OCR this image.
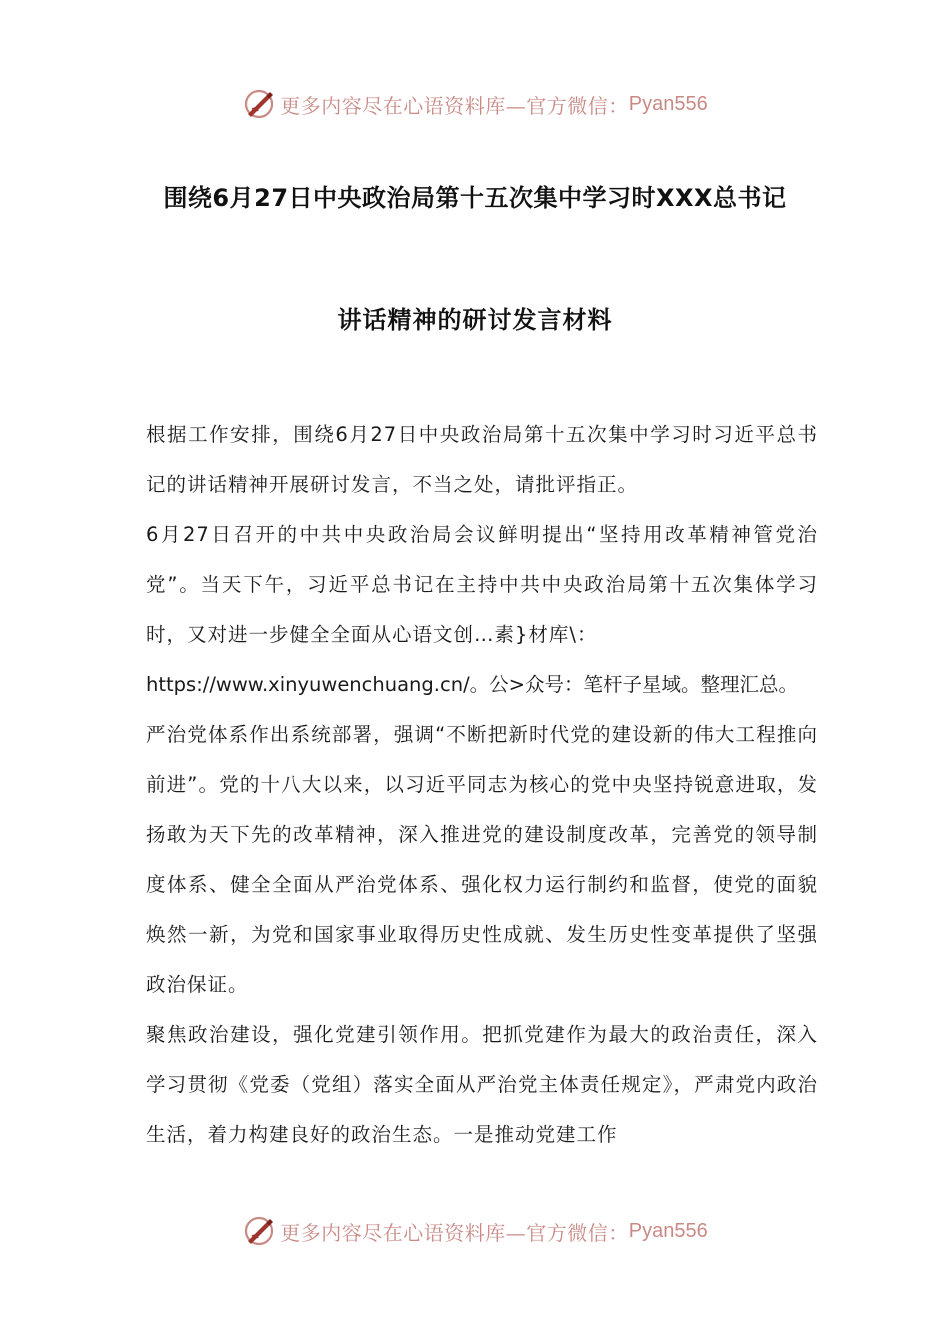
更多内容尽在心语资料库—官方微信： Pyan556
围绕6月27日中央政治局第十五次集中学习时XXX总书记
讲话精神的研讨发言材料

根据工作安排，围绕6月27日中央政治局第十五次集中学习时习近平总书记的讲话精神开展研讨发言，不当之处，请批评指正。

6月27日召开的中共中央政治局会议鲜明提出“坚持用改革精神管党治党”。当天下午，习近平总书记在主持中共中央政治局第十五次集体学习时，又对进一步健全全面从心语文创…素}材库\：

https://www.xinyuwenchuang.cn/。公>众号：笔杆子星域。整理汇总。

严治党体系作出系统部署，强调“不断把新时代党的建设新的伟大工程推向前进”。党的十八大以来，以习近平同志为核心的党中央坚持锐意进取，发扬敢为天下先的改革精神，深入推进党的建设制度改革，完善党的领导制度体系、健全全面从严治党体系、强化权力运行制约和监督，使党的面貌焕然一新，为党和国家事业取得历史性成就、发生历史性变革提供了坚强政治保证。

聚焦政治建设，强化党建引领作用。把抓党建作为最大的政治责任，深入学习贯彻《党委（党组）落实全面从严治党主体责任规定》，严肃党内政治生活，着力构建良好的政治生态。一是推动党建工作

更多内容尽在心语资料库—官方微信： Pyan556
